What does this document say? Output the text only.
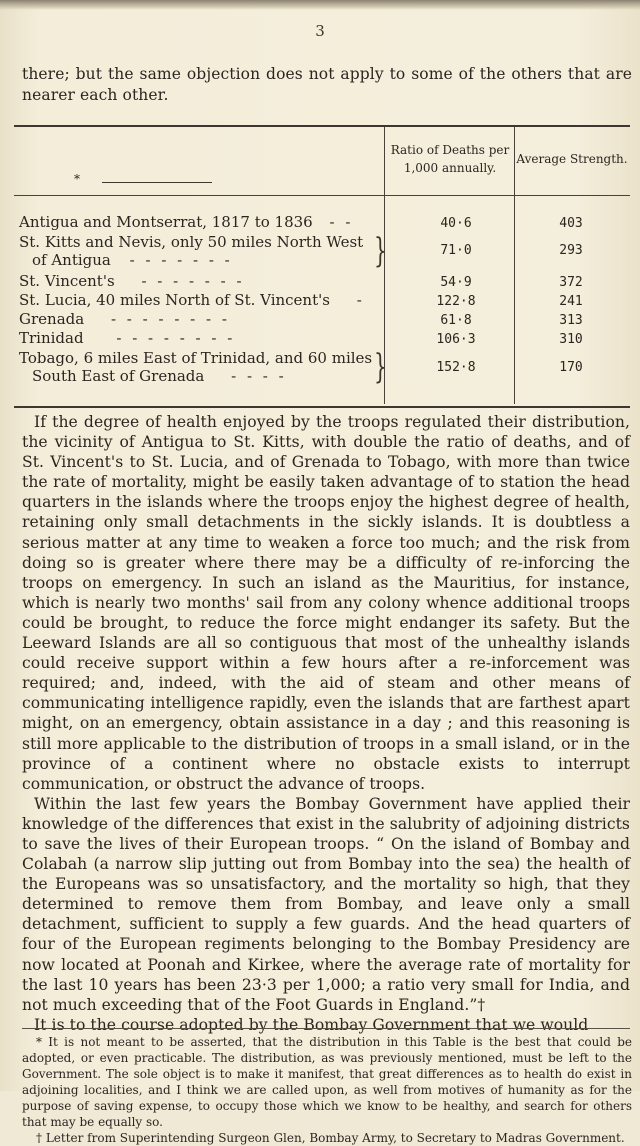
3

there; but the same objection does not apply to some of the others that are nearer each other.

*
Ratio of Deaths per 1,000 annually.
Average Strength.
Antigua and Montserrat, 1817 to 1836 - -	40·6	403
St. Kitts and Nevis, only 50 miles North West
of Antigua - - - - - - -	}	71·0	293
St. Vincent's - - - - - - -	54·9	372
St. Lucia, 40 miles North of St. Vincent's -	122·8	241
Grenada - - - - - - - -	61·8	313
Trinidad - - - - - - - -	106·3	310
Tobago, 6 miles East of Trinidad, and 60 miles
South East of Grenada - - - -	}	152·8	170

If the degree of health enjoyed by the troops regulated their distribution, the vicinity of Antigua to St. Kitts, with double the ratio of deaths, and of St. Vincent's to St. Lucia, and of Grenada to Tobago, with more than twice the rate of mortality, might be easily taken advantage of to station the head quarters in the islands where the troops enjoy the highest degree of health, retaining only small detachments in the sickly islands. It is doubtless a serious matter at any time to weaken a force too much; and the risk from doing so is greater where there may be a difficulty of re-inforcing the troops on emergency. In such an island as the Mauritius, for instance, which is nearly two months' sail from any colony whence additional troops could be brought, to reduce the force might endanger its safety. But the Leeward Islands are all so contiguous that most of the unhealthy islands could receive support within a few hours after a re-inforcement was required; and, indeed, with the aid of steam and other means of communicating intelligence rapidly, even the islands that are farthest apart might, on an emergency, obtain assistance in a day ; and this reasoning is still more applicable to the distribution of troops in a small island, or in the province of a continent where no obstacle exists to interrupt communication, or obstruct the advance of troops.

Within the last few years the Bombay Government have applied their knowledge of the differences that exist in the salubrity of adjoining districts to save the lives of their European troops. “ On the island of Bombay and Colabah (a narrow slip jutting out from Bombay into the sea) the health of the Europeans was so unsatisfactory, and the mortality so high, that they determined to remove them from Bombay, and leave only a small detachment, sufficient to supply a few guards. And the head quarters of four of the European regiments belonging to the Bombay Presidency are now located at Poonah and Kirkee, where the average rate of mortality for the last 10 years has been 23·3 per 1,000; a ratio very small for India, and not much exceeding that of the Foot Guards in England.”†

It is to the course adopted by the Bombay Government that we would

* It is not meant to be asserted, that the distribution in this Table is the best that could be adopted, or even practicable. The distribution, as was previously mentioned, must be left to the Government. The sole object is to make it manifest, that great differences as to health do exist in adjoining localities, and I think we are called upon, as well from motives of humanity as for the purpose of saving expense, to occupy those which we know to be healthy, and search for others that may be equally so.

† Letter from Superintending Surgeon Glen, Bombay Army, to Secretary to Madras Government.
